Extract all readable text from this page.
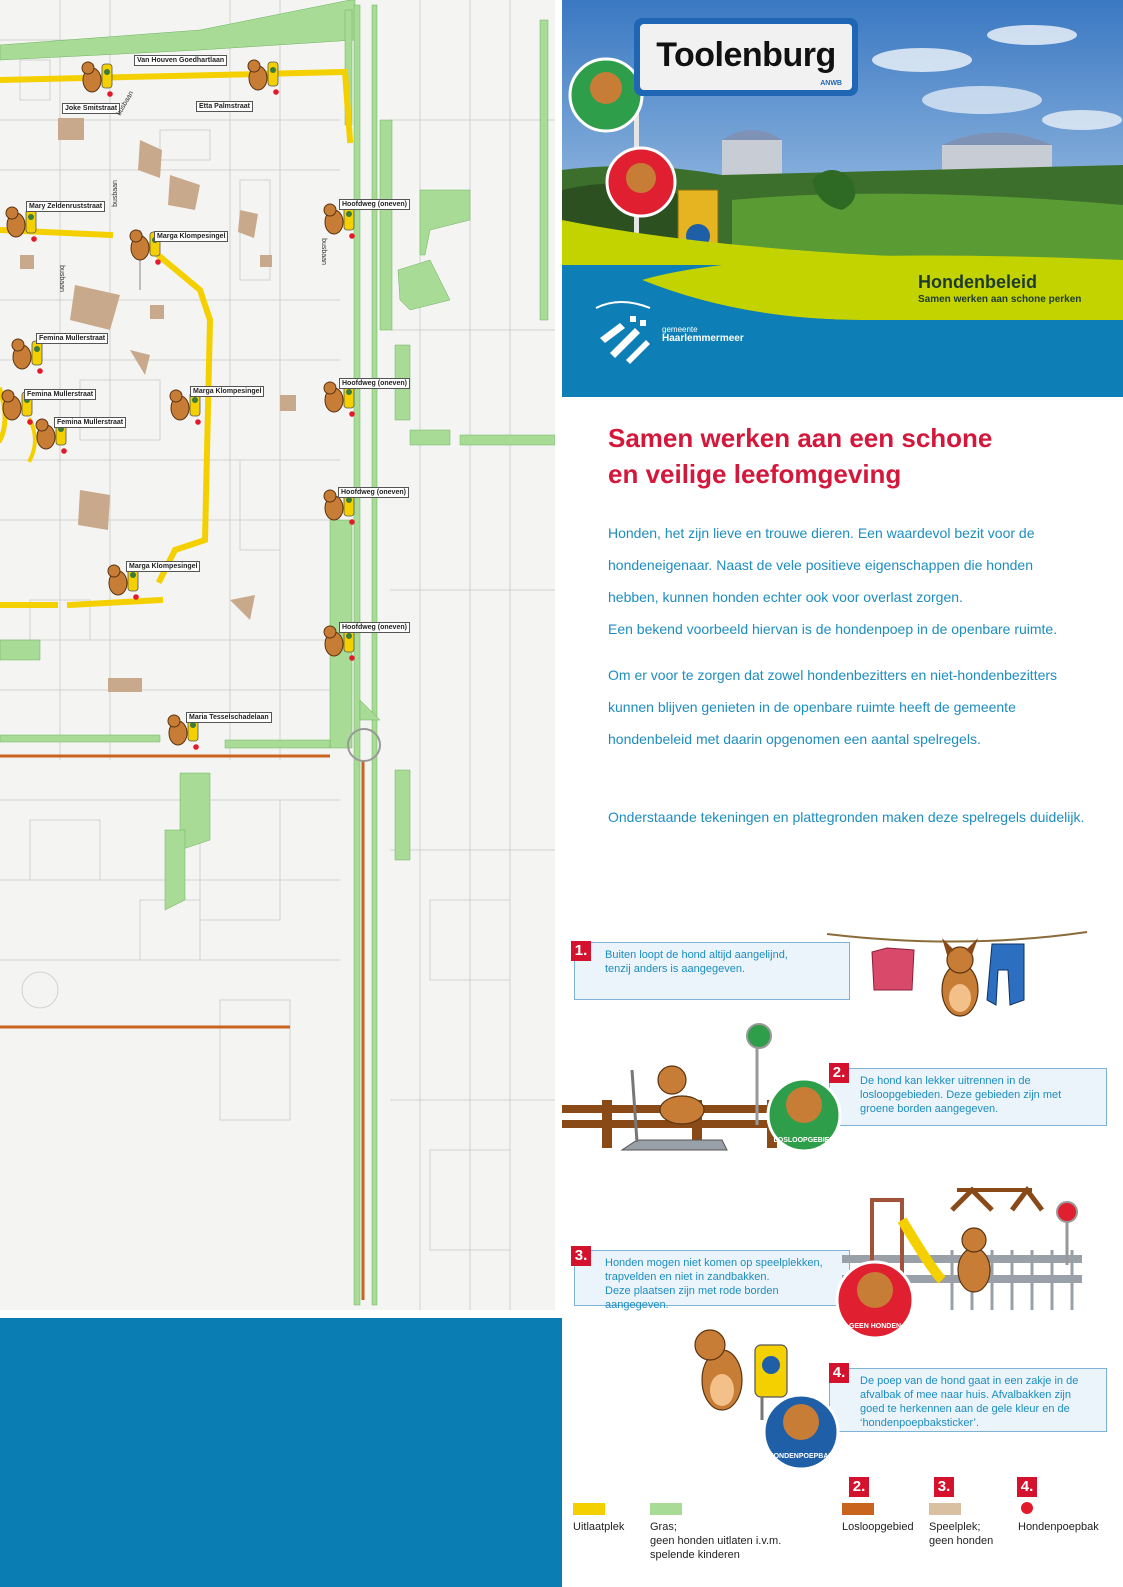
Van Houven Goedhartlaan
Joke Smitstraat	Etta Palmstraat
Mary Zeldenruststraat
Marga Klompesingel
Femina Mullerstraat
Femina Mullerstraat
Femina Mullerstraat
Marga Klompesingel
Marga Klompesingel
Hoofdweg (oneven)
Hoofdweg (oneven)
Hoofdweg (oneven)
Hoofdweg (oneven)
Maria Tesselschadelaan
busbaan
busbaan
busbaan
busbaan
Toolenburg
ANWB
Hondenbeleid
Samen werken aan schone perken
gemeente
Haarlemmermeer
Samen werken aan een schone
en veilige leefomgeving
Honden, het zijn lieve en trouwe dieren. Een waardevol bezit voor de
hondeneigenaar. Naast de vele positieve eigenschappen die honden
hebben, kunnen honden echter ook voor overlast zorgen.
Een bekend voorbeeld hiervan is de hondenpoep in de openbare ruimte.
Om er voor te zorgen dat zowel hondenbezitters en niet-hondenbezitters
kunnen blijven genieten in de openbare ruimte heeft de gemeente
hondenbeleid met daarin opgenomen een aantal spelregels.
Onderstaande tekeningen en plattegronden maken deze spelregels duidelijk.
Buiten loopt de hond altijd aangelijnd,
tenzij anders is aangegeven.
1.
De hond kan lekker uitrennen in de
losloopgebieden. Deze gebieden zijn met
groene borden aangegeven.
2.
Honden mogen niet komen op speelplekken,
trapvelden en niet in zandbakken.
Deze plaatsen zijn met rode borden aangegeven.
3.
De poep van de hond gaat in een zakje in de
afvalbak of mee naar huis. Afvalbakken zijn
goed te herkennen aan de gele kleur en de
‘hondenpoepbaksticker’.
4.
LOSLOOPGEBIED
GEEN HONDEN
HONDENPOEPBAK
Uitlaatplek Gras;
geen honden uitlaten i.v.m.
spelende kinderen
2.
Losloopgebied
3.
Speelplek;
geen honden
4.
Hondenpoepbak
